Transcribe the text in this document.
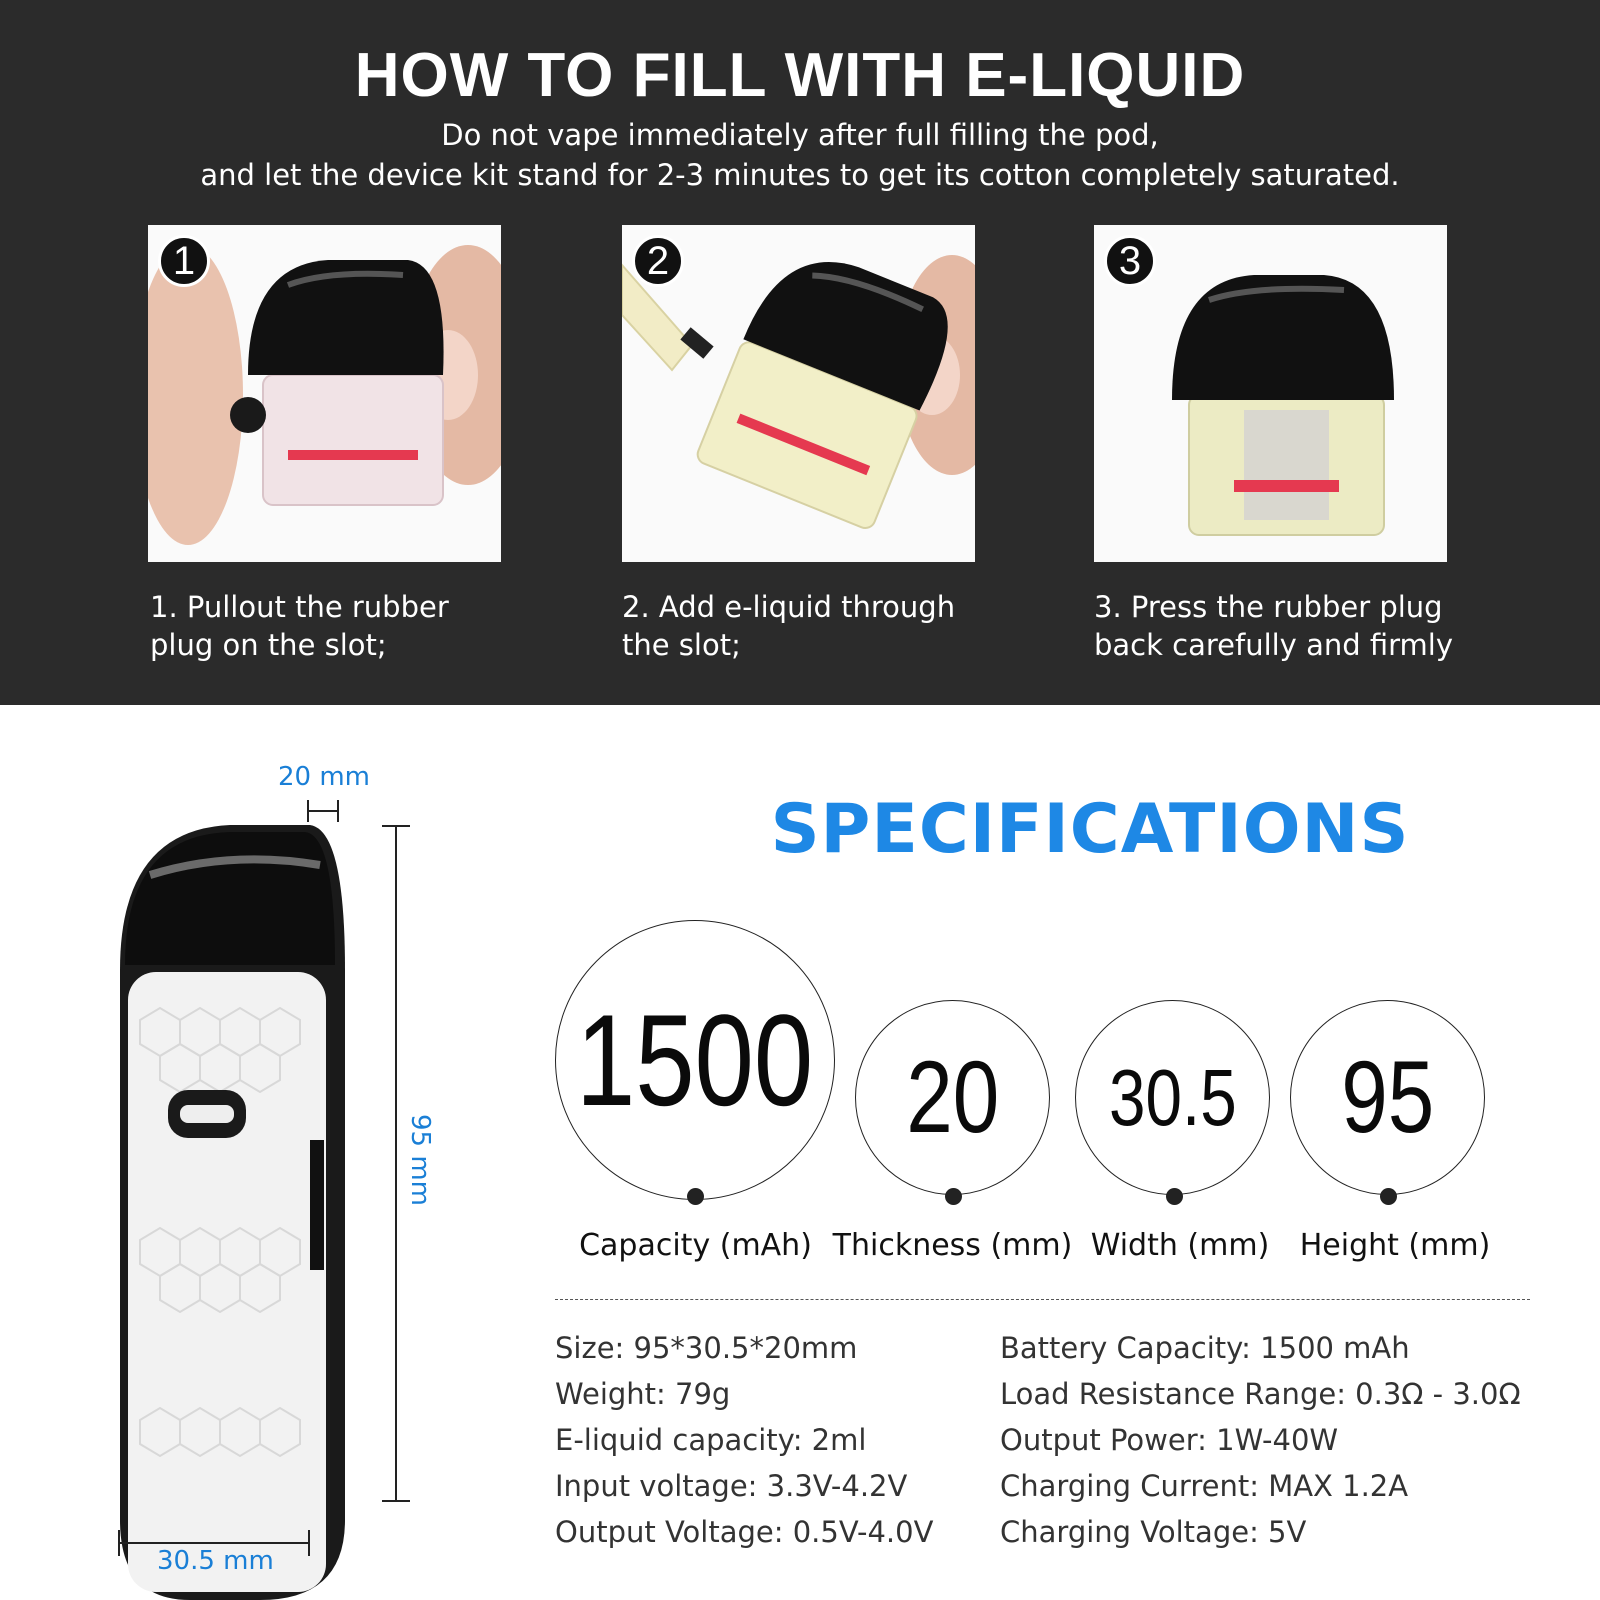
HOW TO FILL WITH E-LIQUID
Do not vape immediately after full filling the pod,
and let the device kit stand for 2-3 minutes to get its cotton completely saturated.
1	2	3
1. Pullout the rubber
plug on the slot;
2. Add e-liquid through
the slot;
3. Press the rubber plug
back carefully and firmly
20 mm
95 mm
30.5 mm
SPECIFICATIONS
1500
Capacity (mAh)
20
Thickness (mm)
30.5
Width (mm)
95
Height (mm)
Size: 95*30.5*20mm
Weight: 79g
E-liquid capacity: 2ml
Input voltage: 3.3V-4.2V
Output Voltage: 0.5V-4.0V
Battery Capacity: 1500 mAh
Load Resistance Range: 0.3Ω - 3.0Ω
Output Power: 1W-40W
Charging Current: MAX 1.2A
Charging Voltage: 5V
